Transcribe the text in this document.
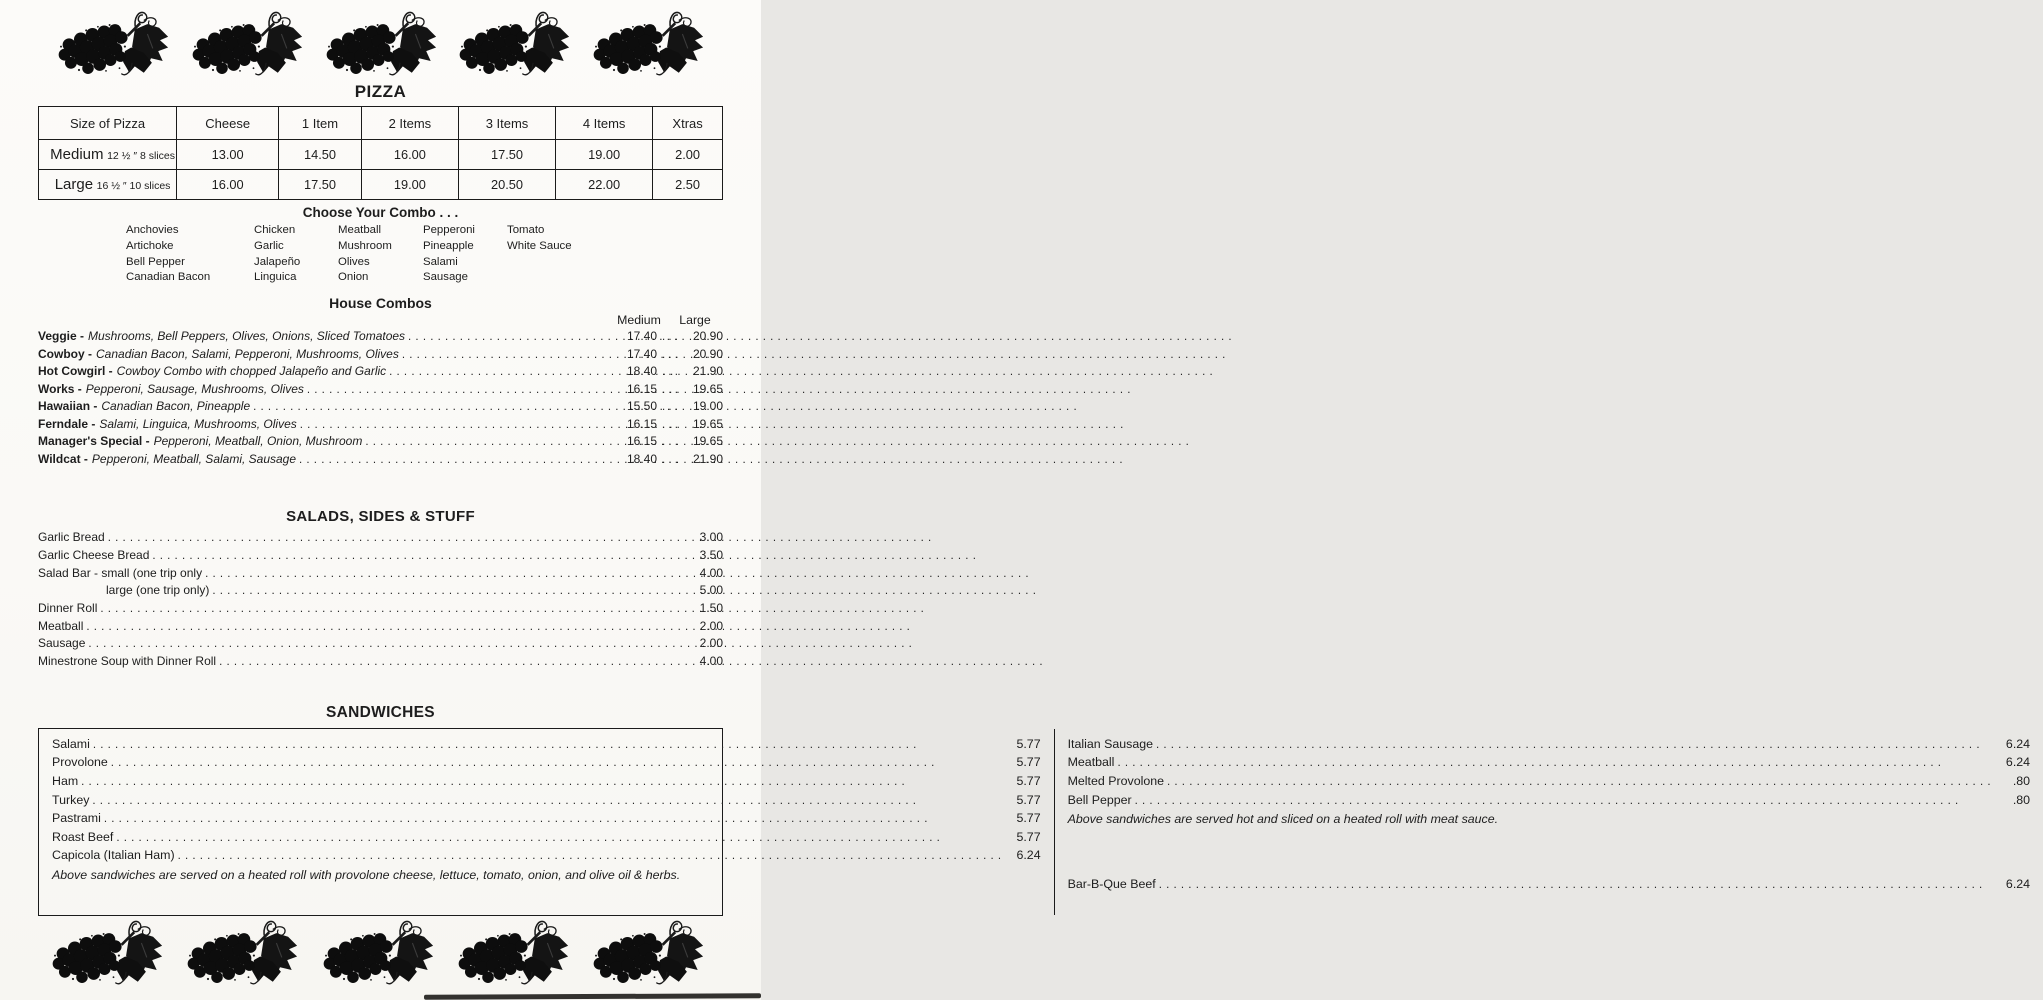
PIZZA
Size of Pizza	Cheese	1 Item	2 Items	3 Items	4 Items	Xtras
Medium 12 ½ ″ 8 slices	13.00	14.50	16.00	17.50	19.00	2.00
Large 16 ½ ″ 10 slices	16.00	17.50	19.00	20.50	22.00	2.50
Choose Your Combo . . .
Anchovies
Artichoke
Bell Pepper
Canadian Bacon
Chicken
Garlic
Jalapeño
Linguica
Meatball
Mushroom
Olives
Onion
Pepperoni
Pineapple
Salami
Sausage
Tomato
White Sauce
House Combos
Medium	Large
Veggie - Mushrooms, Bell Peppers, Olives, Onions, Sliced Tomatoes . . .	17.40 . . .	20.90
Cowboy - Canadian Bacon, Salami, Pepperoni, Mushrooms, Olives . . .	17.40 . . .	20.90
Hot Cowgirl - Cowboy Combo with chopped Jalapeño and Garlic . . .	18.40 . . .	21.90
Works - Pepperoni, Sausage, Mushrooms, Olives . . .	16.15 . . .	19.65
Hawaiian - Canadian Bacon, Pineapple . . .	15.50 . . .	19.00
Ferndale - Salami, Linguica, Mushrooms, Olives . . .	16.15 . . .	19.65
Manager's Special - Pepperoni, Meatball, Onion, Mushroom . . .	16.15 . . .	19.65
Wildcat - Pepperoni, Meatball, Salami, Sausage . . .	18.40 . . .	21.90
SALADS, SIDES & STUFF
Garlic Bread . . .	3.00
Garlic Cheese Bread . . .	3.50
Salad Bar - small (one trip only . . .	4.00
large (one trip only) . . .	5.00
Dinner Roll . . .	1.50
Meatball . . .	2.00
Sausage . . .	2.00
Minestrone Soup with Dinner Roll . . .	4.00
SANDWICHES
Salami . . .	5.77
Provolone . . .	5.77
Ham . . .	5.77
Turkey . . .	5.77
Pastrami . . .	5.77
Roast Beef . . .	5.77
Capicola (Italian Ham) . . .	6.24
Above sandwiches are served on a heated roll with provolone cheese, lettuce, tomato, onion, and olive oil & herbs.
Italian Sausage . . .	6.24
Meatball . . .	6.24
Melted Provolone . . .	.80
Bell Pepper . . .	.80
Above sandwiches are served hot and sliced on a heated roll with meat sauce.
Bar-B-Que Beef . . .	6.24
